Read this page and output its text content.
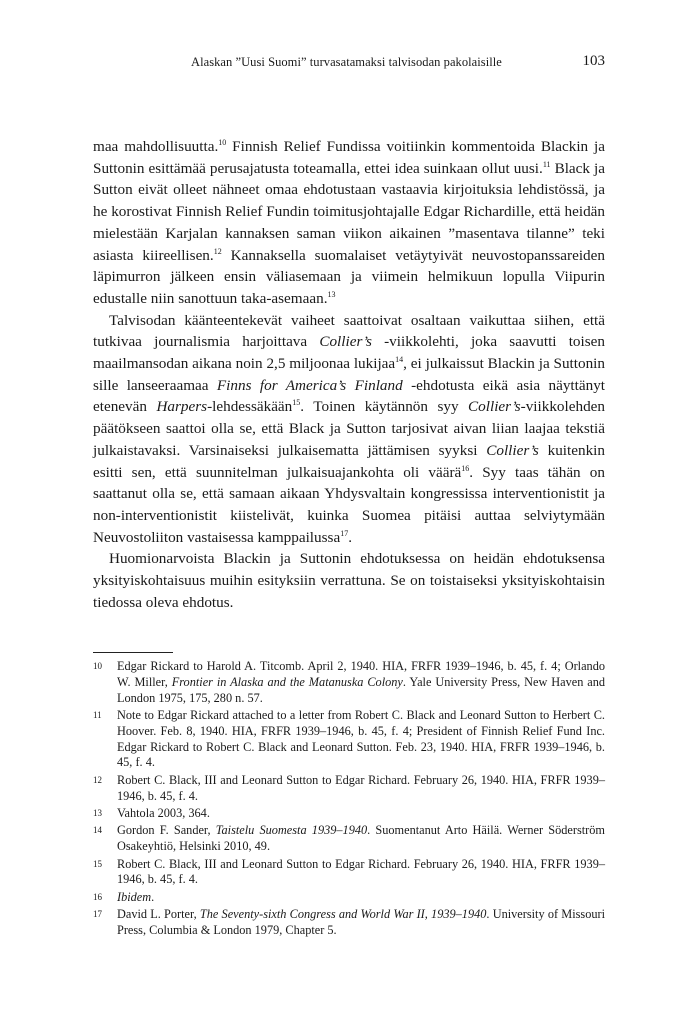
Alaskan ”Uusi Suomi” turvasatamaksi talvisodan pakolaisille	103

maa mahdollisuutta.$^{10}$ Finnish Relief Fundissa voitiinkin kommentoida Blackin ja Suttonin esittämää perusajatusta toteamalla, ettei idea suinkaan ollut uusi.$^{11}$ Black ja Sutton eivät olleet nähneet omaa ehdotustaan vastaavia kirjoituksia lehdistössä, ja he korostivat Finnish Relief Fundin toimitusjohtajalle Edgar Richardille, että heidän mielestään Karjalan kannaksen saman viikon aikainen ”masentava tilanne” teki asiasta kiireellisen.$^{12}$ Kannaksella suomalaiset vetäytyivät neuvostopanssareiden läpimurron jälkeen ensin väliasemaan ja viimein helmikuun lopulla Viipurin edustalle niin sanottuun taka-asemaan.$^{13}$

Talvisodan käänteentekevät vaiheet saattoivat osaltaan vaikuttaa siihen, että tutkivaa journalismia harjoittava Collier’s -viikkolehti, joka saavutti toisen maailmansodan aikana noin 2,5 miljoonaa lukijaa$^{14}$, ei julkaissut Blackin ja Suttonin sille lanseeraamaa Finns for America’s Finland -ehdotusta eikä asia näyttänyt etenevän Harpers-lehdessäkään$^{15}$. Toinen käytännön syy Collier’s-viikkolehden päätökseen saattoi olla se, että Black ja Sutton tarjosivat aivan liian laajaa tekstiä julkaistavaksi. Varsinaiseksi julkaisematta jättämisen syyksi Collier’s kuitenkin esitti sen, että suunnitelman julkaisuajankohta oli väärä$^{16}$. Syy taas tähän on saattanut olla se, että samaan aikaan Yhdysvaltain kongressissa interventionistit ja non-interventionistit kiistelivät, kuinka Suomea pitäisi auttaa selviytymään Neuvostoliiton vastaisessa kamppailussa$^{17}$.

Huomionarvoista Blackin ja Suttonin ehdotuksessa on heidän ehdotuksensa yksityiskohtaisuus muihin esityksiin verrattuna. Se on toistaiseksi yksityiskohtaisin tiedossa oleva ehdotus.

10	Edgar Rickard to Harold A. Titcomb. April 2, 1940. HIA, FRFR 1939–1946, b. 45, f. 4; Orlando W. Miller, Frontier in Alaska and the Matanuska Colony. Yale University Press, New Haven and London 1975, 175, 280 n. 57.
11	Note to Edgar Rickard attached to a letter from Robert C. Black and Leonard Sutton to Herbert C. Hoover. Feb. 8, 1940. HIA, FRFR 1939–1946, b. 45, f. 4; President of Finnish Relief Fund Inc. Edgar Rickard to Robert C. Black and Leonard Sutton. Feb. 23, 1940. HIA, FRFR 1939–1946, b. 45, f. 4.
12	Robert C. Black, III and Leonard Sutton to Edgar Richard. February 26, 1940. HIA, FRFR 1939–1946, b. 45, f. 4.
13	Vahtola 2003, 364.
14	Gordon F. Sander, Taistelu Suomesta 1939–1940. Suomentanut Arto Häilä. Werner Söderström Osakeyhtiö, Helsinki 2010, 49.
15	Robert C. Black, III and Leonard Sutton to Edgar Richard. February 26, 1940. HIA, FRFR 1939–1946, b. 45, f. 4.
16	Ibidem.
17	David L. Porter, The Seventy-sixth Congress and World War II, 1939–1940. University of Missouri Press, Columbia & London 1979, Chapter 5.
